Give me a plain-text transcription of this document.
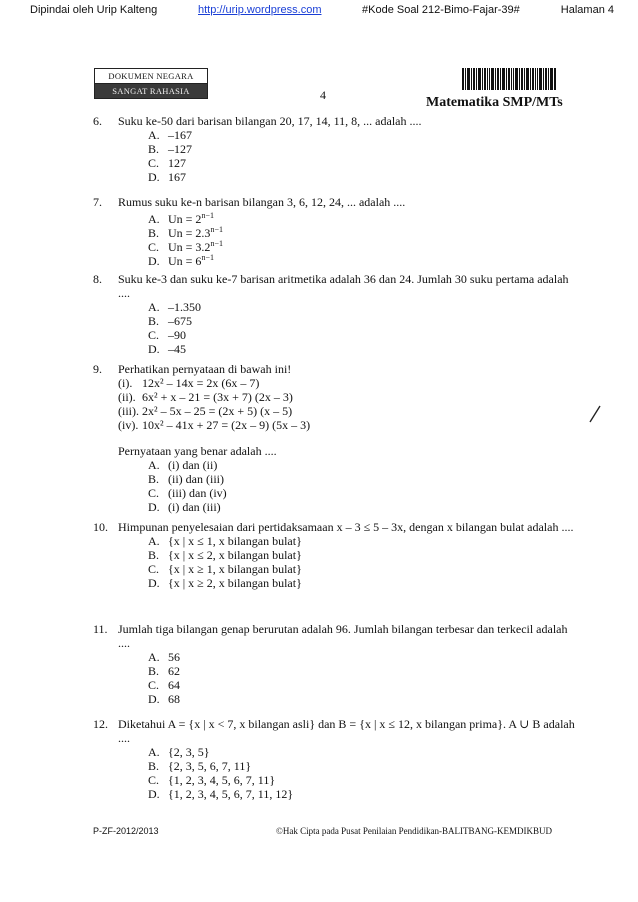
Dipindai oleh Urip Kalteng	http://urip.wordpress.com	#Kode Soal 212-Bimo-Fajar-39#	Halaman 4
DOKUMEN NEGARA
SANGAT RAHASIA	4	Matematika SMP/MTs
6. Suku ke-50 dari barisan bilangan 20, 17, 14, 11, 8, ... adalah ....
A. –167
B. –127
C. 127
D. 167
7. Rumus suku ke-n barisan bilangan 3, 6, 12, 24, ... adalah ....
A. $Un = 2^{n-1}$
B. $Un = 2.3^{n-1}$
C. $Un = 3.2^{n-1}$
D. $Un = 6^{n-1}$
8. Suku ke-3 dan suku ke-7 barisan aritmetika adalah 36 dan 24. Jumlah 30 suku pertama adalah ....
A. –1.350
B. –675
C. –90
D. –45
9. Perhatikan pernyataan di bawah ini!
(i). 12x² – 14x = 2x (6x – 7)
(ii). 6x² + x – 21 = (3x + 7) (2x – 3)
(iii). 2x² – 5x – 25 = (2x + 5) (x – 5)
(iv). 10x² – 41x + 27 = (2x – 9) (5x – 3)
Pernyataan yang benar adalah ....
A. (i) dan (ii)
B. (ii) dan (iii)
C. (iii) dan (iv)
D. (i) dan (iii)
10. Himpunan penyelesaian dari pertidaksamaan x – 3 ≤ 5 – 3x, dengan x bilangan bulat adalah ....
A. {x | x ≤ 1, x bilangan bulat}
B. {x | x ≤ 2, x bilangan bulat}
C. {x | x ≥ 1, x bilangan bulat}
D. {x | x ≥ 2, x bilangan bulat}
11. Jumlah tiga bilangan genap berurutan adalah 96. Jumlah bilangan terbesar dan terkecil adalah ....
A. 56
B. 62
C. 64
D. 68
12. Diketahui A = {x | x < 7, x bilangan asli} dan B = {x | x ≤ 12, x bilangan prima}. A ∪ B adalah ....
A. {2, 3, 5}
B. {2, 3, 5, 6, 7, 11}
C. {1, 2, 3, 4, 5, 6, 7, 11}
D. {1, 2, 3, 4, 5, 6, 7, 11, 12}
P-ZF-2012/2013	©Hak Cipta pada Pusat Penilaian Pendidikan-BALITBANG-KEMDIKBUD
